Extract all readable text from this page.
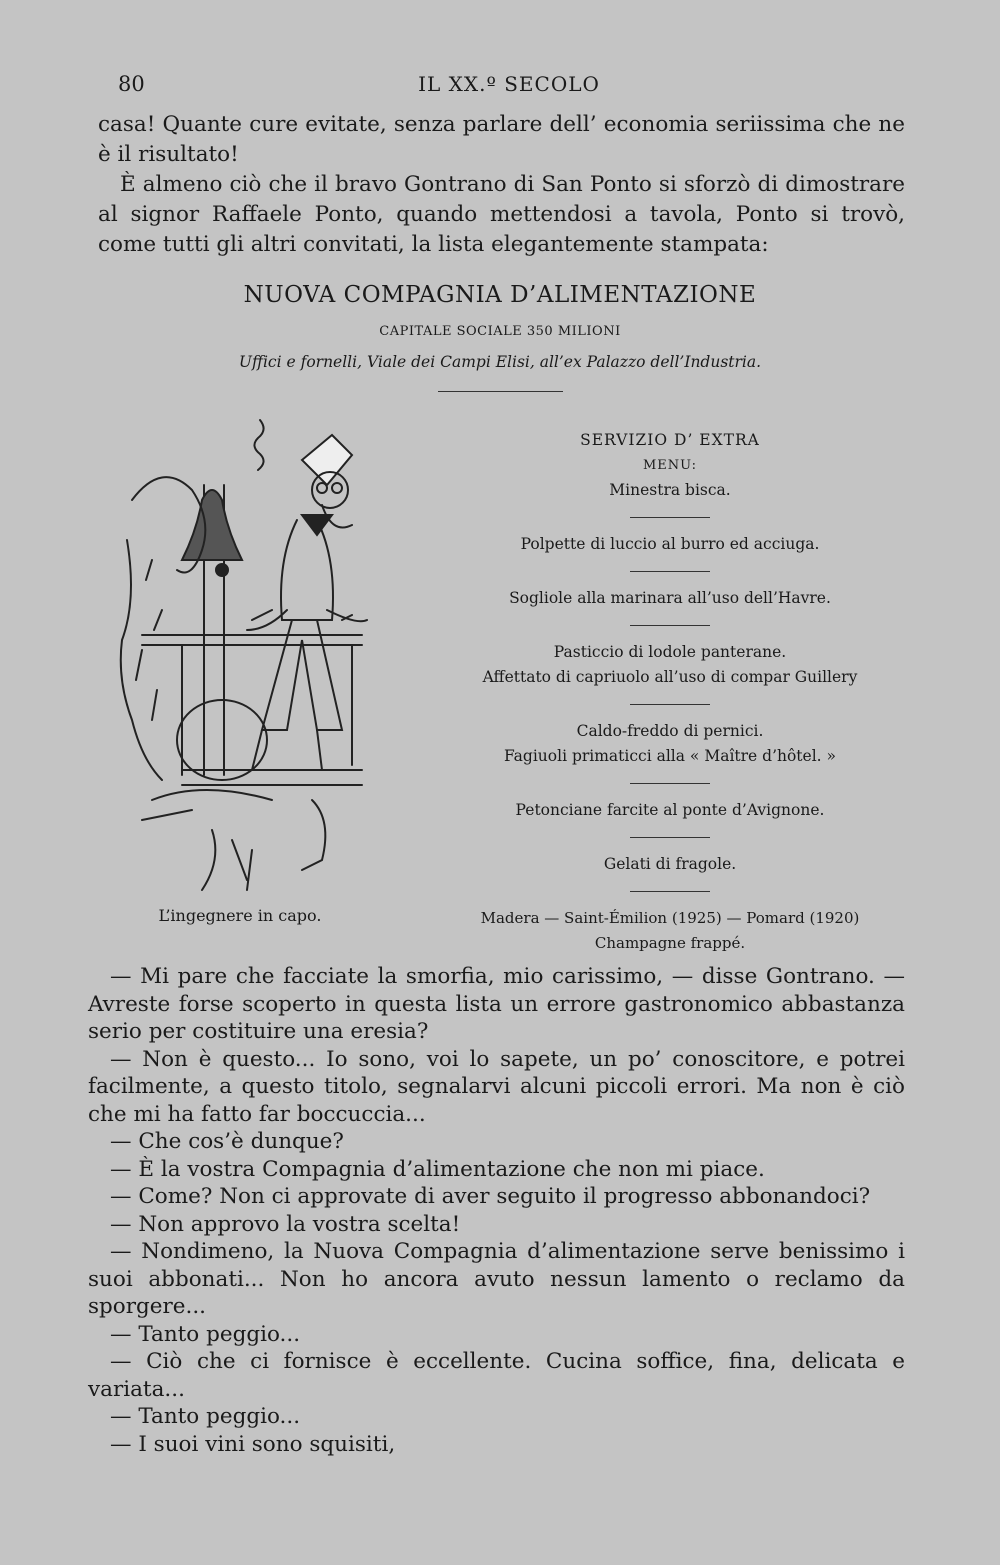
80	IL XX.º SECOLO

casa! Quante cure evitate, senza parlare dell’ economia seriissima che ne è il risultato!

È almeno ciò che il bravo Gontrano di San Ponto si sforzò di dimostrare al signor Raffaele Ponto, quando mettendosi a tavola, Ponto si trovò, come tutti gli altri convitati, la lista elegantemente stampata:

NUOVA COMPAGNIA D’ALIMENTAZIONE
CAPITALE SOCIALE 350 MILIONI
Uffici e fornelli, Viale dei Campi Elisi, all’ex Palazzo dell’Industria.
L’ingegnere in capo.
SERVIZIO D’ EXTRA
MENU:
Minestra bisca.
Polpette di luccio al burro ed acciuga.
Sogliole alla marinara all’uso dell’Havre.
Pasticcio di lodole panterane.
Affettato di capriuolo all’uso di compar Guillery
Caldo-freddo di pernici.
Fagiuoli primaticci alla « Maître d’hôtel. »
Petonciane farcite al ponte d’Avignone.
Gelati di fragole.
Madera — Saint-Émilion (1925) — Pomard (1920)
Champagne frappé.

— Mi pare che facciate la smorfia, mio carissimo, — disse Gontrano. — Avreste forse scoperto in questa lista un errore gastronomico abbastanza serio per costituire una eresia?

— Non è questo... Io sono, voi lo sapete, un po’ conoscitore, e potrei facilmente, a questo titolo, segnalarvi alcuni piccoli errori. Ma non è ciò che mi ha fatto far boccuccia...

— Che cos’è dunque?

— È la vostra Compagnia d’alimentazione che non mi piace.

— Come? Non ci approvate di aver seguito il progresso abbonandoci?

— Non approvo la vostra scelta!

— Nondimeno, la Nuova Compagnia d’alimentazione serve benissimo i suoi abbonati... Non ho ancora avuto nessun lamento o reclamo da sporgere...

— Tanto peggio...

— Ciò che ci fornisce è eccellente. Cucina soffice, fina, delicata e variata...

— Tanto peggio...

— I suoi vini sono squisiti,
